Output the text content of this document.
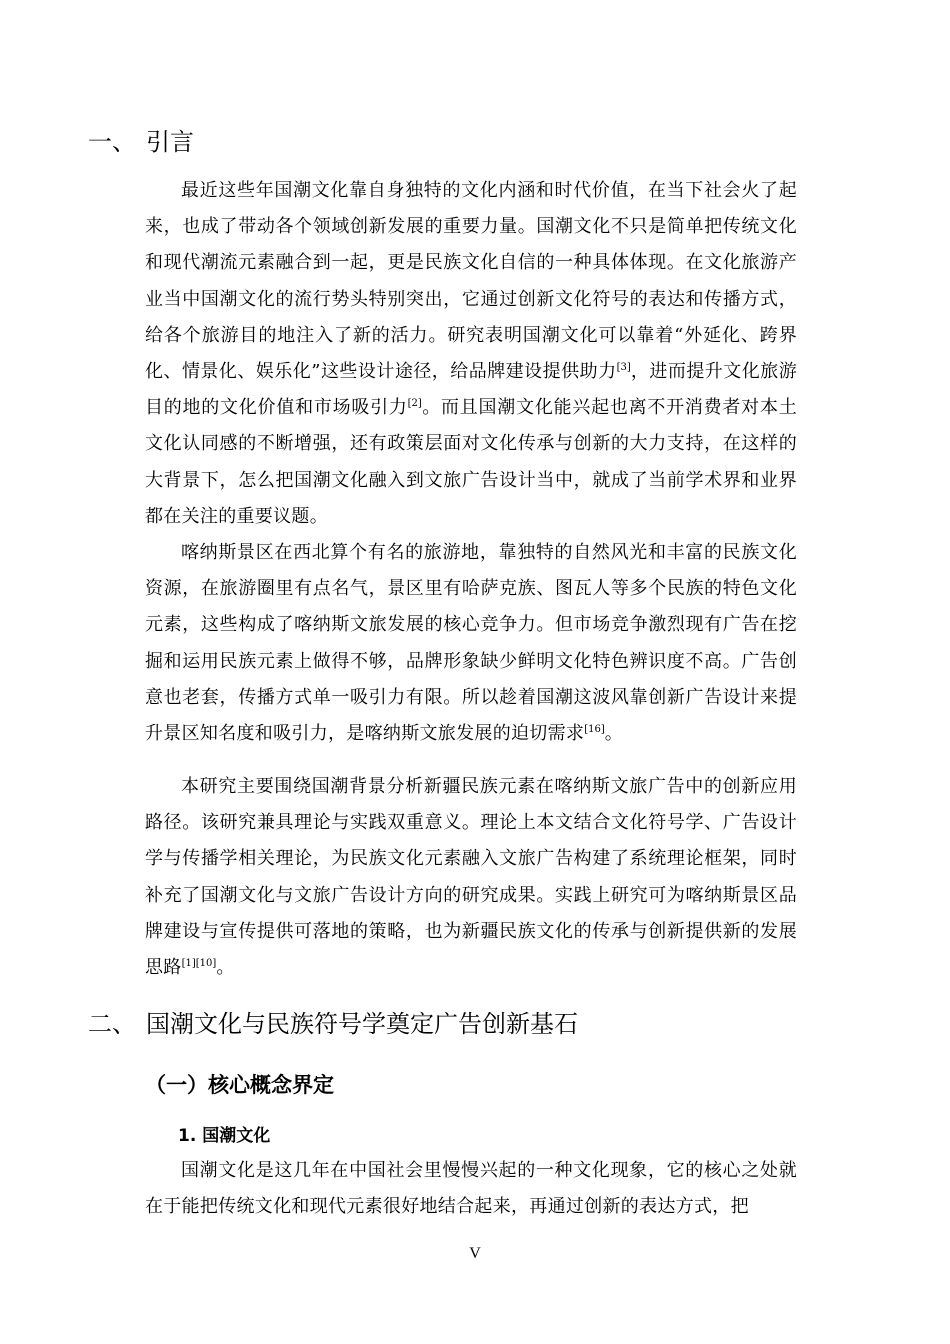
一、 引言

最近这些年国潮文化靠自身独特的文化内涵和时代价值，在当下社会火了起来，也成了带动各个领域创新发展的重要力量。国潮文化不只是简单把传统文化和现代潮流元素融合到一起，更是民族文化自信的一种具体体现。在文化旅游产业当中国潮文化的流行势头特别突出，它通过创新文化符号的表达和传播方式，给各个旅游目的地注入了新的活力。研究表明国潮文化可以靠着“外延化、跨界化、情景化、娱乐化”这些设计途径，给品牌建设提供助力[3]，进而提升文化旅游目的地的文化价值和市场吸引力[2]。而且国潮文化能兴起也离不开消费者对本土文化认同感的不断增强，还有政策层面对文化传承与创新的大力支持，在这样的大背景下，怎么把国潮文化融入到文旅广告设计当中，就成了当前学术界和业界都在关注的重要议题。

喀纳斯景区在西北算个有名的旅游地，靠独特的自然风光和丰富的民族文化资源，在旅游圈里有点名气，景区里有哈萨克族、图瓦人等多个民族的特色文化元素，这些构成了喀纳斯文旅发展的核心竞争力。但市场竞争激烈现有广告在挖掘和运用民族元素上做得不够，品牌形象缺少鲜明文化特色辨识度不高。广告创意也老套，传播方式单一吸引力有限。所以趁着国潮这波风靠创新广告设计来提升景区知名度和吸引力，是喀纳斯文旅发展的迫切需求[16]。

本研究主要围绕国潮背景分析新疆民族元素在喀纳斯文旅广告中的创新应用路径。该研究兼具理论与实践双重意义。理论上本文结合文化符号学、广告设计学与传播学相关理论，为民族文化元素融入文旅广告构建了系统理论框架，同时补充了国潮文化与文旅广告设计方向的研究成果。实践上研究可为喀纳斯景区品牌建设与宣传提供可落地的策略，也为新疆民族文化的传承与创新提供新的发展思路[1][10]。

二、 国潮文化与民族符号学奠定广告创新基石
（一）核心概念界定
1. 国潮文化

国潮文化是这几年在中国社会里慢慢兴起的一种文化现象，它的核心之处就在于能把传统文化和现代元素很好地结合起来，再通过创新的表达方式，把

V
